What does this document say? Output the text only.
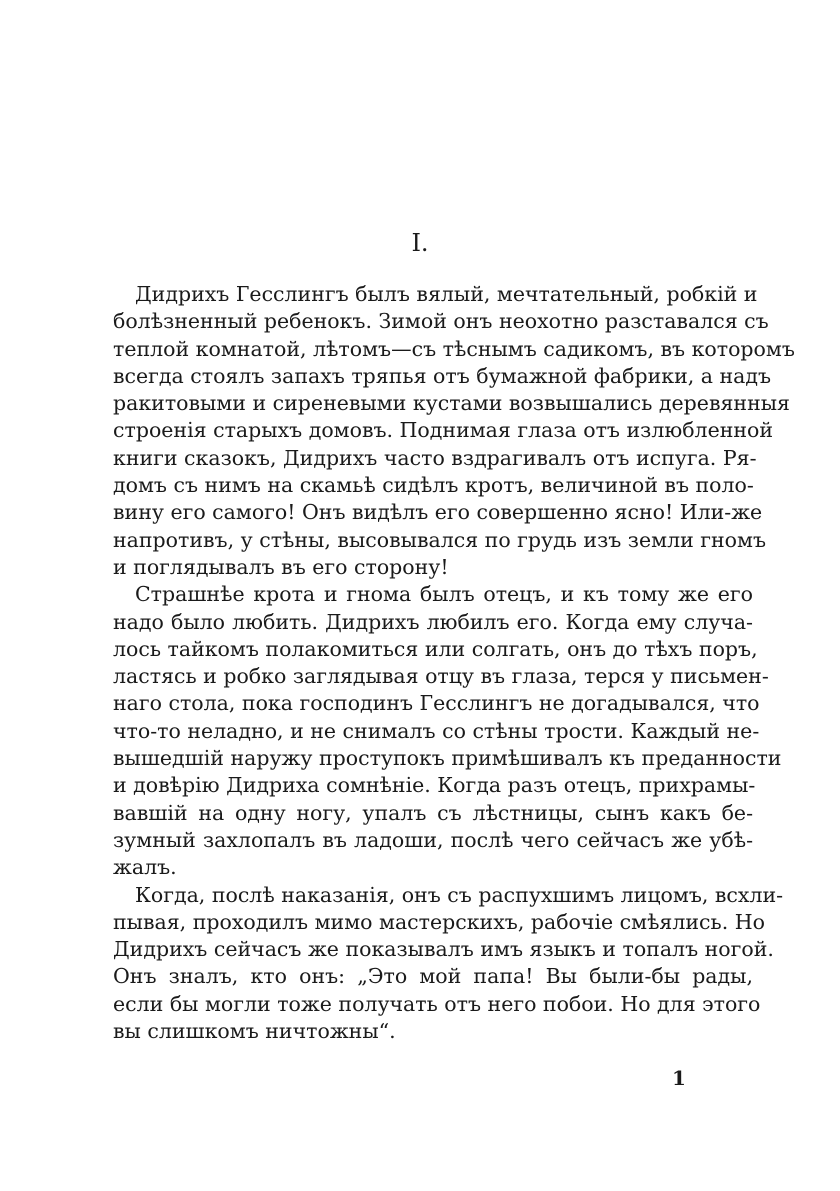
I.

Дидрихъ Гесслингъ былъ вялый, мечтательный, робкій и
болѣзненный ребенокъ. Зимой онъ неохотно разставался съ
теплой комнатой, лѣтомъ—съ тѣснымъ садикомъ, въ которомъ
всегда стоялъ запахъ тряпья отъ бумажной фабрики, а надъ
ракитовыми и сиреневыми кустами возвышались деревянныя
строенія старыхъ домовъ. Поднимая глаза отъ излюбленной
книги сказокъ, Дидрихъ часто вздрагивалъ отъ испуга. Ря-
домъ съ нимъ на скамьѣ сидѣлъ кротъ, величиной въ поло-
вину его самого! Онъ видѣлъ его совершенно ясно! Или-же
напротивъ, у стѣны, высовывался по грудь изъ земли гномъ
и поглядывалъ въ его сторону!

Страшнѣе крота и гнома былъ отецъ, и къ тому же его
надо было любить. Дидрихъ любилъ его. Когда ему случа-
лось тайкомъ полакомиться или солгать, онъ до тѣхъ поръ,
ластясь и робко заглядывая отцу въ глаза, терся у письмен-
наго стола, пока господинъ Гесслингъ не догадывался, что
что-то неладно, и не снималъ со стѣны трости. Каждый не-
вышедшій наружу проступокъ примѣшивалъ къ преданности
и довѣрію Дидриха сомнѣніе. Когда разъ отецъ, прихрамы-
вавшій на одну ногу, упалъ съ лѣстницы, сынъ какъ бе-
зумный захлопалъ въ ладоши, послѣ чего сейчасъ же убѣ-
жалъ.

Когда, послѣ наказанія, онъ съ распухшимъ лицомъ, всхли-
пывая, проходилъ мимо мастерскихъ, рабочіе смѣялись. Но
Дидрихъ сейчасъ же показывалъ имъ языкъ и топалъ ногой.
Онъ зналъ, кто онъ: „Это мой папа! Вы были-бы рады,
если бы могли тоже получать отъ него побои. Но для этого
вы слишкомъ ничтожны“.

1
